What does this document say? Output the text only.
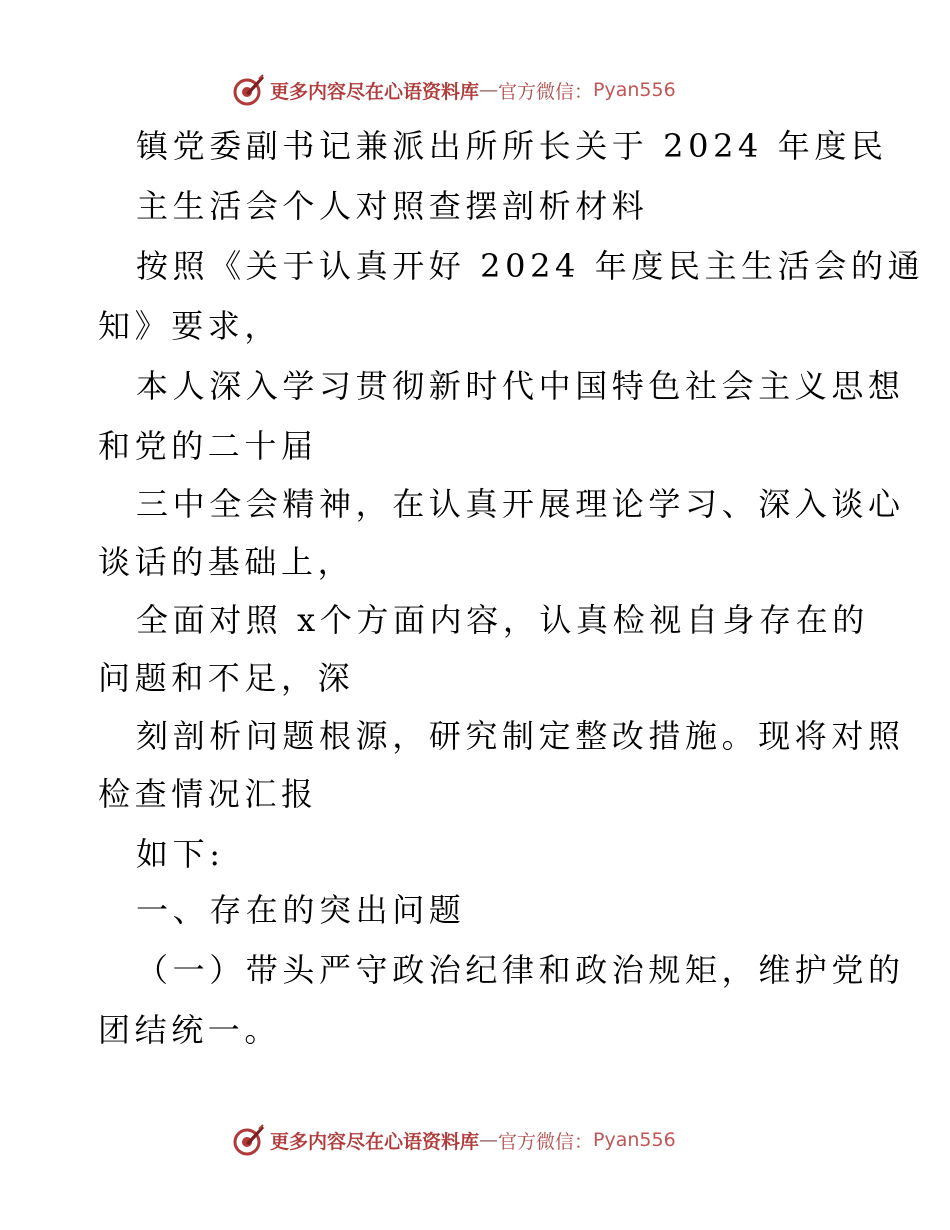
更多内容尽在心语资料库 — 官方微信： Pyan556
镇党委副书记兼派出所所长关于 2024 年度民
主生活会个人对照查摆剖析材料
按照《关于认真开好 2024 年度民主生活会的通
知》要求，
本人深入学习贯彻新时代中国特色社会主义思想
和党的二十届
三中全会精神，在认真开展理论学习、深入谈心
谈话的基础上，
全面对照 x个方面内容，认真检视自身存在的
问题和不足，深
刻剖析问题根源，研究制定整改措施。现将对照
检查情况汇报
如下:
一、存在的突出问题
（一）带头严守政治纪律和政治规矩，维护党的
团结统一。
更多内容尽在心语资料库 — 官方微信： Pyan556
